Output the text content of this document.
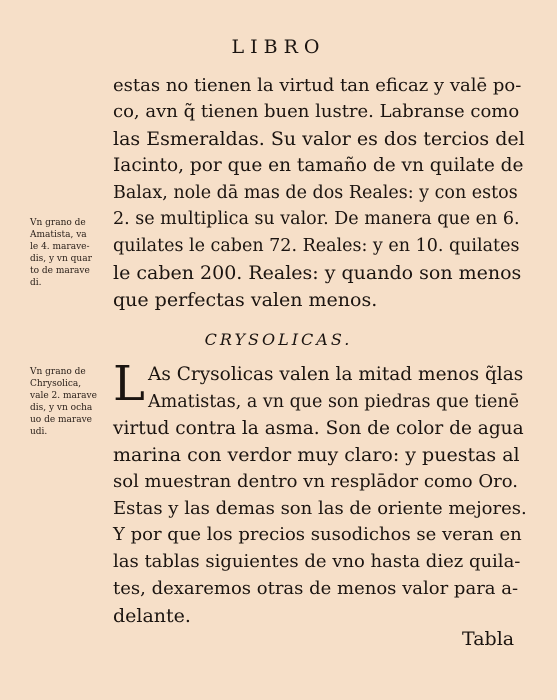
LIBRO
estas no tienen la virtud tan eficaz y valē po-
co, avn q̃ tienen buen lustre. Labranse como
las Esmeraldas. Su valor es dos tercios del
Iacinto, por que en tamaño de vn quilate de
Balax, nole dā mas de dos Reales: y con estos
2. se multiplica su valor. De manera que en 6.
quilates le caben 72. Reales: y en 10. quilates
le caben 200. Reales: y quando son menos
que perfectas valen menos.
Vn grano de
Amatista, va
le 4. marave-
dis, y vn quar
to de marave
di.
CRYSOLICAS.
L As Crysolicas valen la mitad menos q̃las
Amatistas, a vn que son piedras que tienē
virtud contra la asma. Son de color de agua
marina con verdor muy claro: y puestas al
sol muestran dentro vn resplādor como Oro.
Estas y las demas son las de oriente mejores.
Y por que los precios susodichos se veran en
las tablas siguientes de vno hasta diez quila-
tes, dexaremos otras de menos valor para a-
delante.
Vn grano de
Chrysolica,
vale 2. marave
dis, y vn ocha
uo de marave
udi.
Tabla
